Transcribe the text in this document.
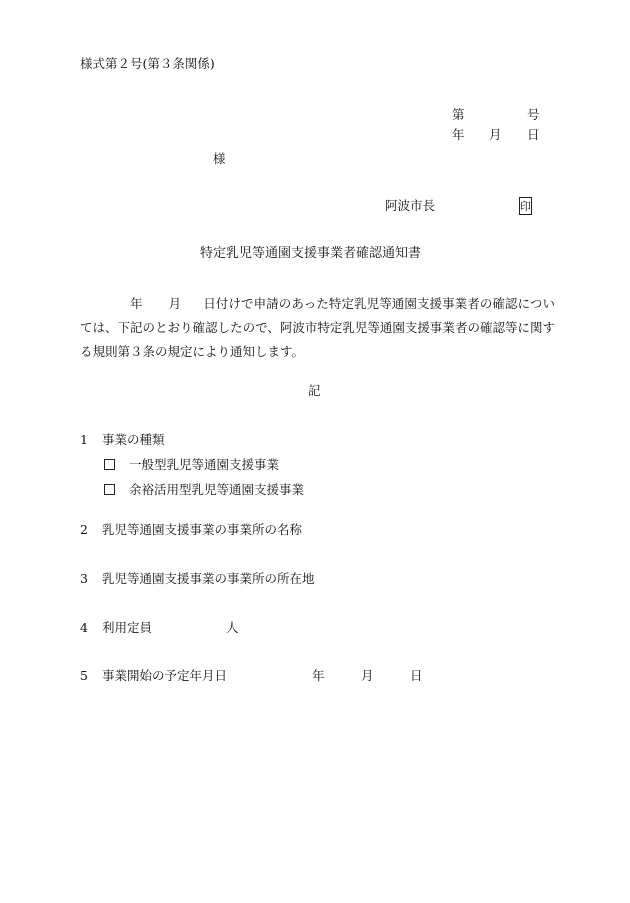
様式第２号(第３条関係)
第	号
年 月 日
様
阿波市長	印
特定乳児等通園支援事業者確認通知書
年 月 日付けで申請のあった特定乳児等通園支援事業者の確認については、下記のとおり確認したので、阿波市特定乳児等通園支援事業者の確認等に関する規則第３条の規定により通知します。
記
1 事業の種類
一般型乳児等通園支援事業
余裕活用型乳児等通園支援事業
2 乳児等通園支援事業の事業所の名称
3 乳児等通園支援事業の事業所の所在地
4 利用定員	人
5 事業開始の予定年月日	年	月	日
